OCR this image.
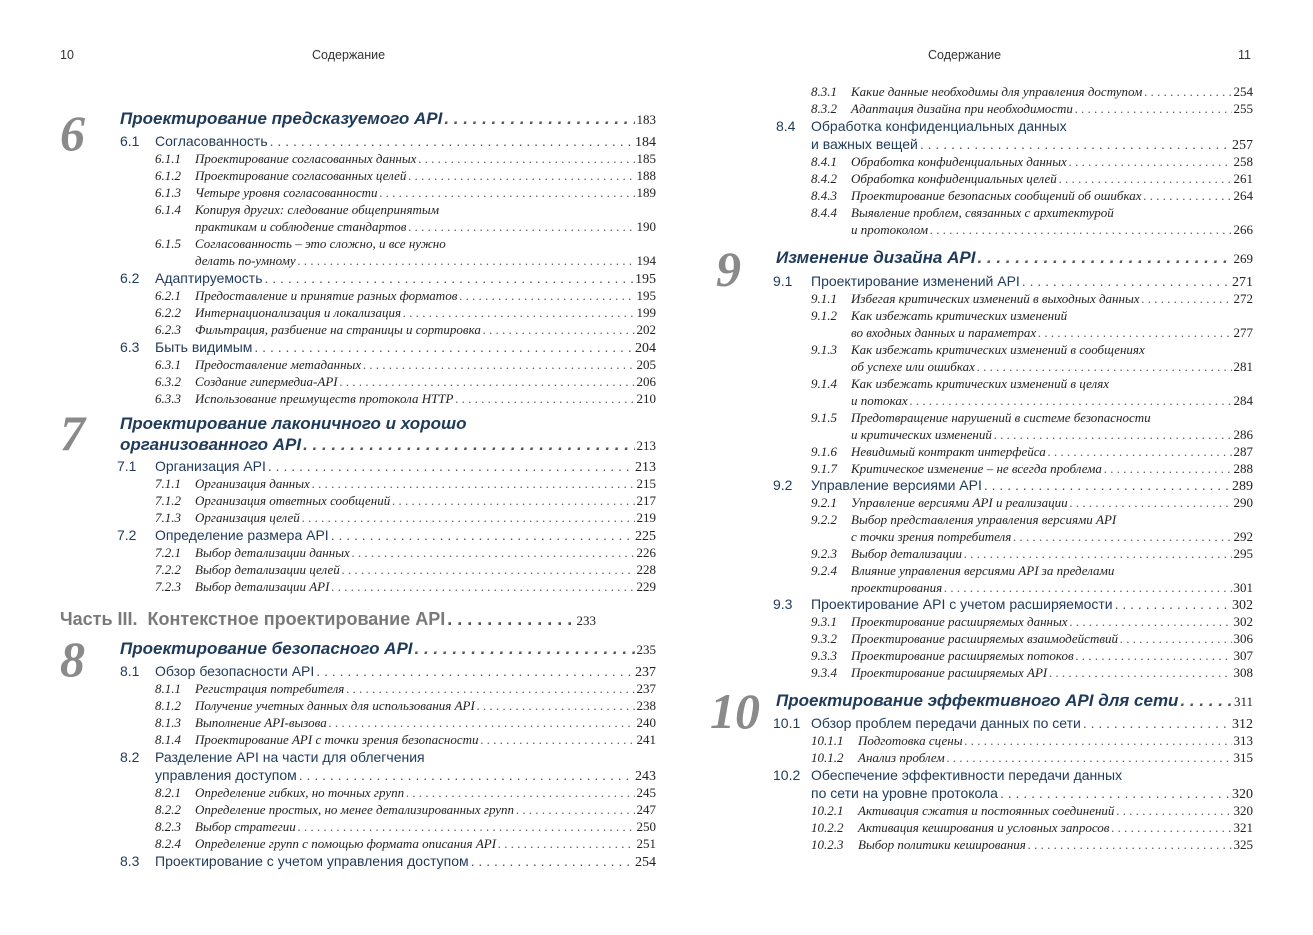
10	Содержание
6 Проектирование предсказуемого API . . .	183
6.1	Согласованность . . .	184
6.1.1	Проектирование согласованных данных . . .	185
6.1.2	Проектирование согласованных целей . . .	188
6.1.3	Четыре уровня согласованности . . .	189
6.1.4	Копируя других: следование общепринятым
практикам и соблюдение стандартов . . .	190
6.1.5	Согласованность – это сложно, и все нужно
делать по-умному . . .	194
6.2	Адаптируемость . . .	195
6.2.1	Предоставление и принятие разных форматов . . .	195
6.2.2	Интернационализация и локализация . . .	199
6.2.3	Фильтрация, разбиение на страницы и сортировка . . .	202
6.3	Быть видимым . . .	204
6.3.1	Предоставление метаданных . . .	205
6.3.2	Создание гипермедиа-API . . .	206
6.3.3	Использование преимуществ протокола HTTP . . .	210
7 Проектирование лаконичного и хорошо
организованного API . . .	213
7.1	Организация API . . .	213
7.1.1	Организация данных . . .	215
7.1.2	Организация ответных сообщений . . .	217
7.1.3	Организация целей . . .	219
7.2	Определение размера API . . .	225
7.2.1	Выбор детализации данных . . .	226
7.2.2	Выбор детализации целей . . .	228
7.2.3	Выбор детализации API . . .	229
Часть III.  Контекстное проектирование API . . .	233
8 Проектирование безопасного API . . .	235
8.1	Обзор безопасности API . . .	237
8.1.1	Регистрация потребителя . . .	237
8.1.2	Получение учетных данных для использования API . . .	238
8.1.3	Выполнение API-вызова . . .	240
8.1.4	Проектирование API с точки зрения безопасности . . .	241
8.2	Разделение API на части для облегчения
управления доступом . . .	243
8.2.1	Определение гибких, но точных групп . . .	245
8.2.2	Определение простых, но менее детализированных групп . . .	247
8.2.3	Выбор стратегии . . .	250
8.2.4	Определение групп с помощью формата описания API . . .	251
8.3	Проектирование с учетом управления доступом . . .	254
Содержание	11
8.3.1	Какие данные необходимы для управления доступом . . .	254
8.3.2	Адаптация дизайна при необходимости . . .	255
8.4	Обработка конфиденциальных данных
и важных вещей . . .	257
8.4.1	Обработка конфиденциальных данных . . .	258
8.4.2	Обработка конфиденциальных целей . . .	261
8.4.3	Проектирование безопасных сообщений об ошибках . . .	264
8.4.4	Выявление проблем, связанных с архитектурой
и протоколом . . .	266
9 Изменение дизайна API . . .	269
9.1	Проектирование изменений API . . .	271
9.1.1	Избегая критических изменений в выходных данных . . .	272
9.1.2	Как избежать критических изменений
во входных данных и параметрах . . .	277
9.1.3	Как избежать критических изменений в сообщениях
об успехе или ошибках . . .	281
9.1.4	Как избежать критических изменений в целях
и потоках . . .	284
9.1.5	Предотвращение нарушений в системе безопасности
и критических изменений . . .	286
9.1.6	Невидимый контракт интерфейса . . .	287
9.1.7	Критическое изменение – не всегда проблема . . .	288
9.2	Управление версиями API . . .	289
9.2.1	Управление версиями API и реализации . . .	290
9.2.2	Выбор представления управления версиями API
с точки зрения потребителя . . .	292
9.2.3	Выбор детализации . . .	295
9.2.4	Влияние управления версиями API за пределами
проектирования . . .	301
9.3	Проектирование API с учетом расширяемости . . .	302
9.3.1	Проектирование расширяемых данных . . .	302
9.3.2	Проектирование расширяемых взаимодействий . . .	306
9.3.3	Проектирование расширяемых потоков . . .	307
9.3.4	Проектирование расширяемых API . . .	308
10 Проектирование эффективного API для сети . . .	311
10.1 Обзор проблем передачи данных по сети . . .	312
10.1.1	Подготовка сцены . . .	313
10.1.2	Анализ проблем . . .	315
10.2 Обеспечение эффективности передачи данных
по сети на уровне протокола . . .	320
10.2.1	Активация сжатия и постоянных соединений . . .	320
10.2.2	Активация кеширования и условных запросов . . .	321
10.2.3	Выбор политики кеширования . . .	325
